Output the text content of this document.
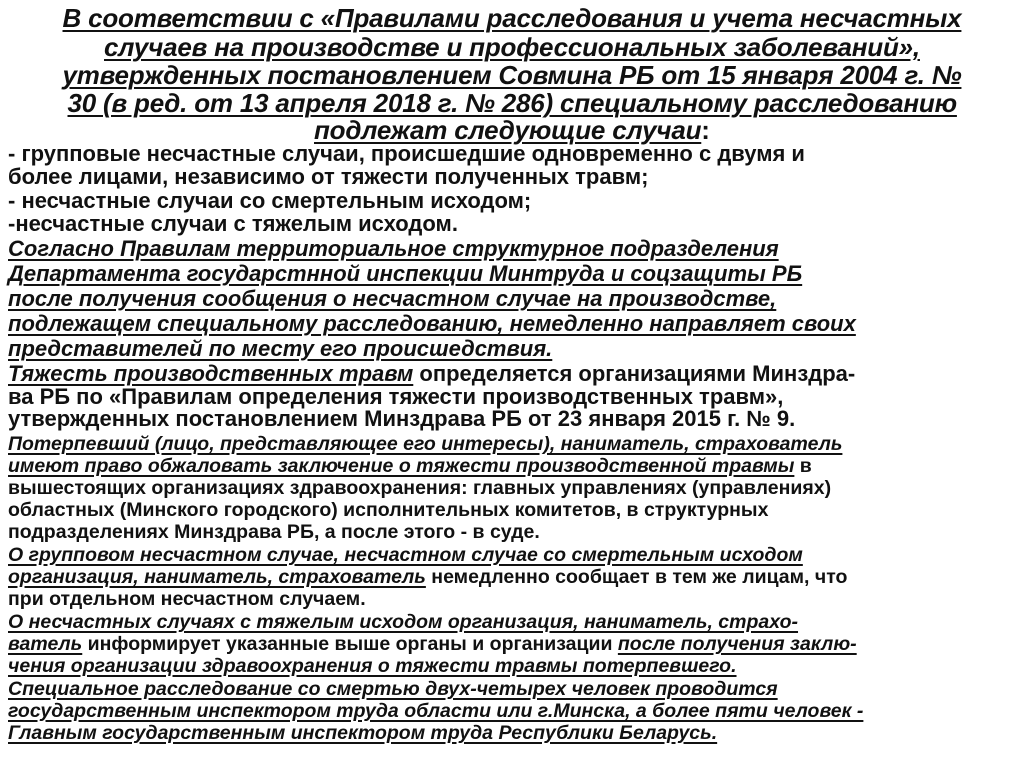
В соответствии с «Правилами расследования и учета несчастных
случаев на производстве и профессиональных заболеваний»,
утвержденных постановлением Совмина РБ от 15 января 2004 г. №
30 (в ред. от 13 апреля 2018 г. № 286) специальному расследованию
подлежат следующие случаи:
- групповые несчастные случаи, происшедшие одновременно с двумя и
более лицами, независимо от тяжести полученных травм;
- несчастные случаи со смертельным исходом;
-несчастные случаи с тяжелым исходом.
Согласно Правилам территориальное структурное подразделения
Департамента государстнной инспекции Минтруда и соцзащиты РБ
после получения сообщения о несчастном случае на производстве,
подлежащем специальному расследованию, немедленно направляет своих
представителей по месту его происшедствия.
Тяжесть производственных травм определяется организациями Минздра-
ва РБ по «Правилам определения тяжести производственных травм»,
утвержденных постановлением Минздрава РБ от 23 января 2015 г. № 9.
Потерпевший (лицо, представляющее его интересы), наниматель, страхователь
имеют право обжаловать заключение о тяжести производственной травмы в
вышестоящих организациях здравоохранения: главных управлениях (управлениях)
областных (Минского городского) исполнительных комитетов, в структурных
подразделениях Минздрава РБ, а после этого - в суде.
О групповом несчастном случае, несчастном случае со смертельным исходом
организация, наниматель, страхователь немедленно сообщает в тем же лицам, что
при отдельном несчастном случаем.
О несчастных случаях с тяжелым исходом организация, наниматель, страхо-
ватель информирует указанные выше органы и организации после получения заклю-
чения организации здравоохранения о тяжести травмы потерпевшего.
Специальное расследование со смертью двух-четырех человек проводится
государственным инспектором труда области или г.Минска, а более пяти человек -
Главным государственным инспектором труда Республики Беларусь.
